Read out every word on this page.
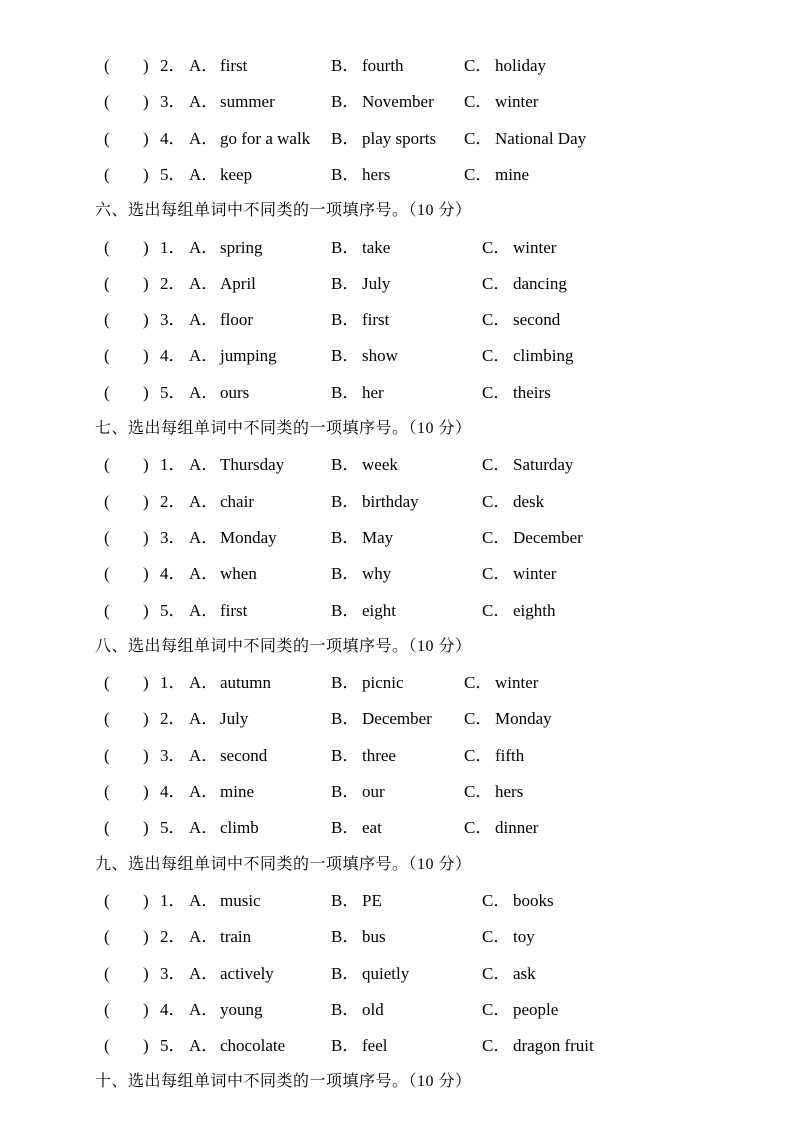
( ) 2． A． first	B． fourth	C． holiday
( ) 3． A． summer	B． November C． winter
( ) 4． A． go for a walk B． play sports C． National Day
( ) 5． A． keep	B． hers	C． mine
六、选出每组单词中不同类的一项填序号。（10 分）
( ) 1． A． spring	B． take	C． winter
( ) 2． A． April	B． July	C． dancing
( ) 3． A． floor	B． first	C． second
( ) 4． A． jumping	B． show	C． climbing
( ) 5． A． ours	B． her	C． theirs
七、选出每组单词中不同类的一项填序号。（10 分）
( ) 1． A． Thursday	B． week	C． Saturday
( ) 2． A． chair	B． birthday	C． desk
( ) 3． A． Monday	B． May	C． December
( ) 4． A． when	B． why	C． winter
( ) 5． A． first	B． eight	C． eighth
八、选出每组单词中不同类的一项填序号。（10 分）
( ) 1． A． autumn	B． picnic	C． winter
( ) 2． A． July	B． December C． Monday
( ) 3． A． second	B． three	C． fifth
( ) 4． A． mine	B． our	C． hers
( ) 5． A． climb	B． eat	C． dinner
九、选出每组单词中不同类的一项填序号。（10 分）
( ) 1． A． music	B． PE	C． books
( ) 2． A． train	B． bus	C． toy
( ) 3． A． actively	B． quietly	C． ask
( ) 4． A． young	B． old	C． people
( ) 5． A． chocolate	B． feel	C． dragon fruit
十、选出每组单词中不同类的一项填序号。（10 分）
